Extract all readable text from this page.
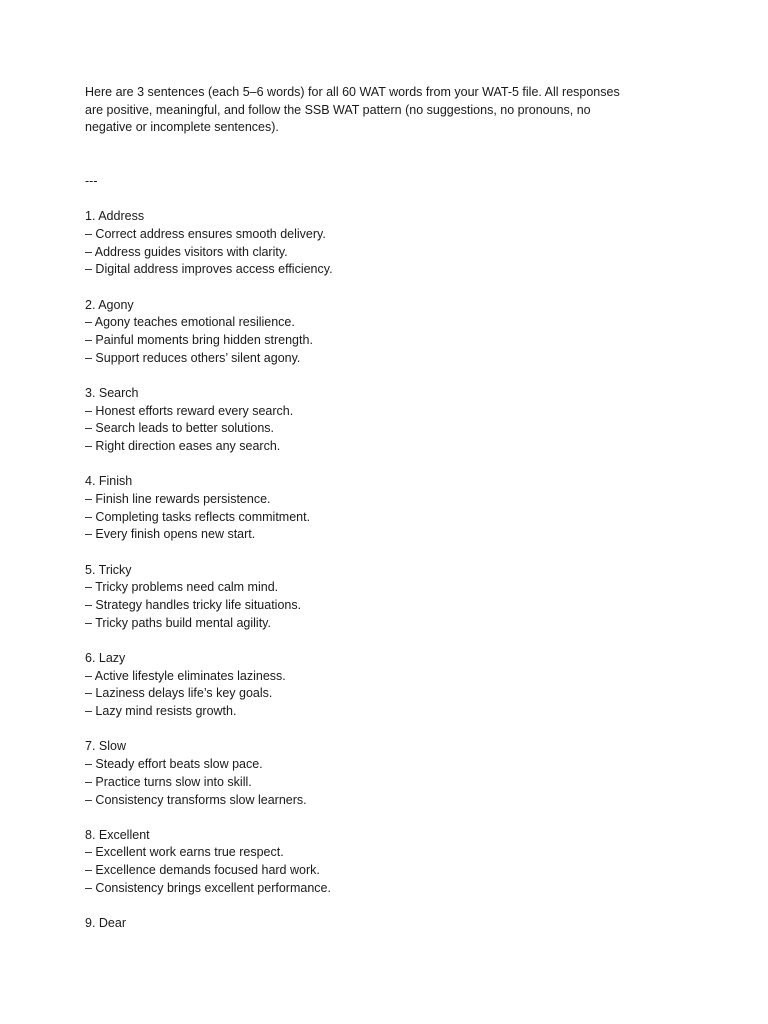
Here are 3 sentences (each 5–6 words) for all 60 WAT words from your WAT-5 file. All responses are positive, meaningful, and follow the SSB WAT pattern (no suggestions, no pronouns, no negative or incomplete sentences).

---
1. Address
– Correct address ensures smooth delivery.
– Address guides visitors with clarity.
– Digital address improves access efficiency.
2. Agony
– Agony teaches emotional resilience.
– Painful moments bring hidden strength.
– Support reduces others’ silent agony.
3. Search
– Honest efforts reward every search.
– Search leads to better solutions.
– Right direction eases any search.
4. Finish
– Finish line rewards persistence.
– Completing tasks reflects commitment.
– Every finish opens new start.
5. Tricky
– Tricky problems need calm mind.
– Strategy handles tricky life situations.
– Tricky paths build mental agility.
6. Lazy
– Active lifestyle eliminates laziness.
– Laziness delays life’s key goals.
– Lazy mind resists growth.
7. Slow
– Steady effort beats slow pace.
– Practice turns slow into skill.
– Consistency transforms slow learners.
8. Excellent
– Excellent work earns true respect.
– Excellence demands focused hard work.
– Consistency brings excellent performance.
9. Dear
